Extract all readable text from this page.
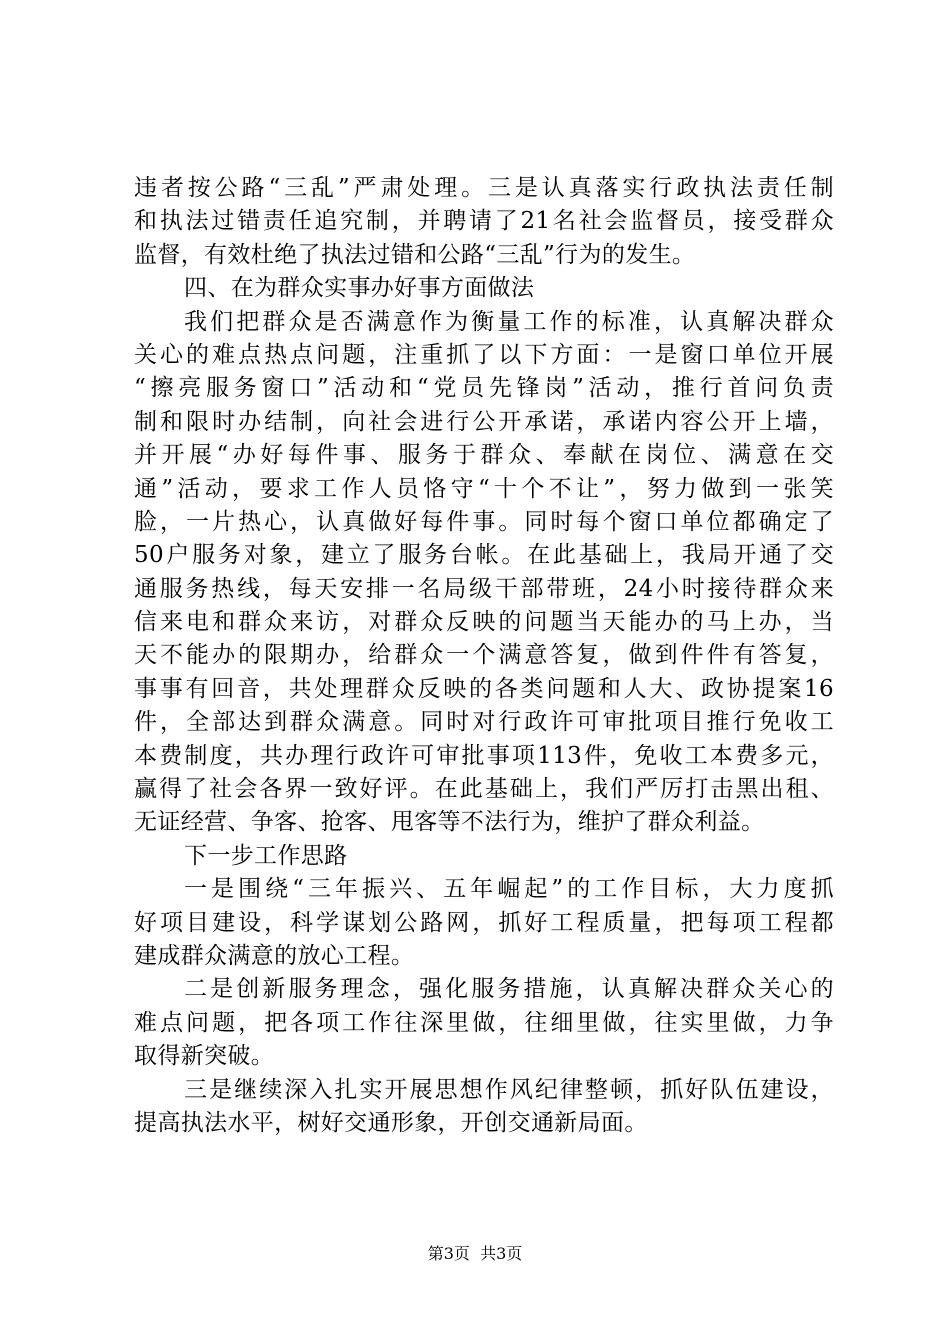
违者按公路“三乱”严肃处理。三是认真落实行政执法责任制
和执法过错责任追究制，并聘请了21名社会监督员，接受群众
监督，有效杜绝了执法过错和公路“三乱”行为的发生。
四、在为群众实事办好事方面做法
我们把群众是否满意作为衡量工作的标准，认真解决群众
关心的难点热点问题，注重抓了以下方面：一是窗口单位开展
“擦亮服务窗口”活动和“党员先锋岗”活动，推行首问负责
制和限时办结制，向社会进行公开承诺，承诺内容公开上墙，
并开展“办好每件事、服务于群众、奉献在岗位、满意在交
通”活动，要求工作人员恪守“十个不让”，努力做到一张笑
脸，一片热心，认真做好每件事。同时每个窗口单位都确定了
50户服务对象，建立了服务台帐。在此基础上，我局开通了交
通服务热线，每天安排一名局级干部带班，24小时接待群众来
信来电和群众来访，对群众反映的问题当天能办的马上办，当
天不能办的限期办，给群众一个满意答复，做到件件有答复，
事事有回音，共处理群众反映的各类问题和人大、政协提案16
件，全部达到群众满意。同时对行政许可审批项目推行免收工
本费制度，共办理行政许可审批事项113件，免收工本费多元，
赢得了社会各界一致好评。在此基础上，我们严厉打击黑出租、
无证经营、争客、抢客、甩客等不法行为，维护了群众利益。
下一步工作思路
一是围绕“三年振兴、五年崛起”的工作目标，大力度抓
好项目建设，科学谋划公路网，抓好工程质量，把每项工程都
建成群众满意的放心工程。
二是创新服务理念，强化服务措施，认真解决群众关心的
难点问题，把各项工作往深里做，往细里做，往实里做，力争
取得新突破。
三是继续深入扎实开展思想作风纪律整顿，抓好队伍建设，
提高执法水平，树好交通形象，开创交通新局面。
第3页  共3页
